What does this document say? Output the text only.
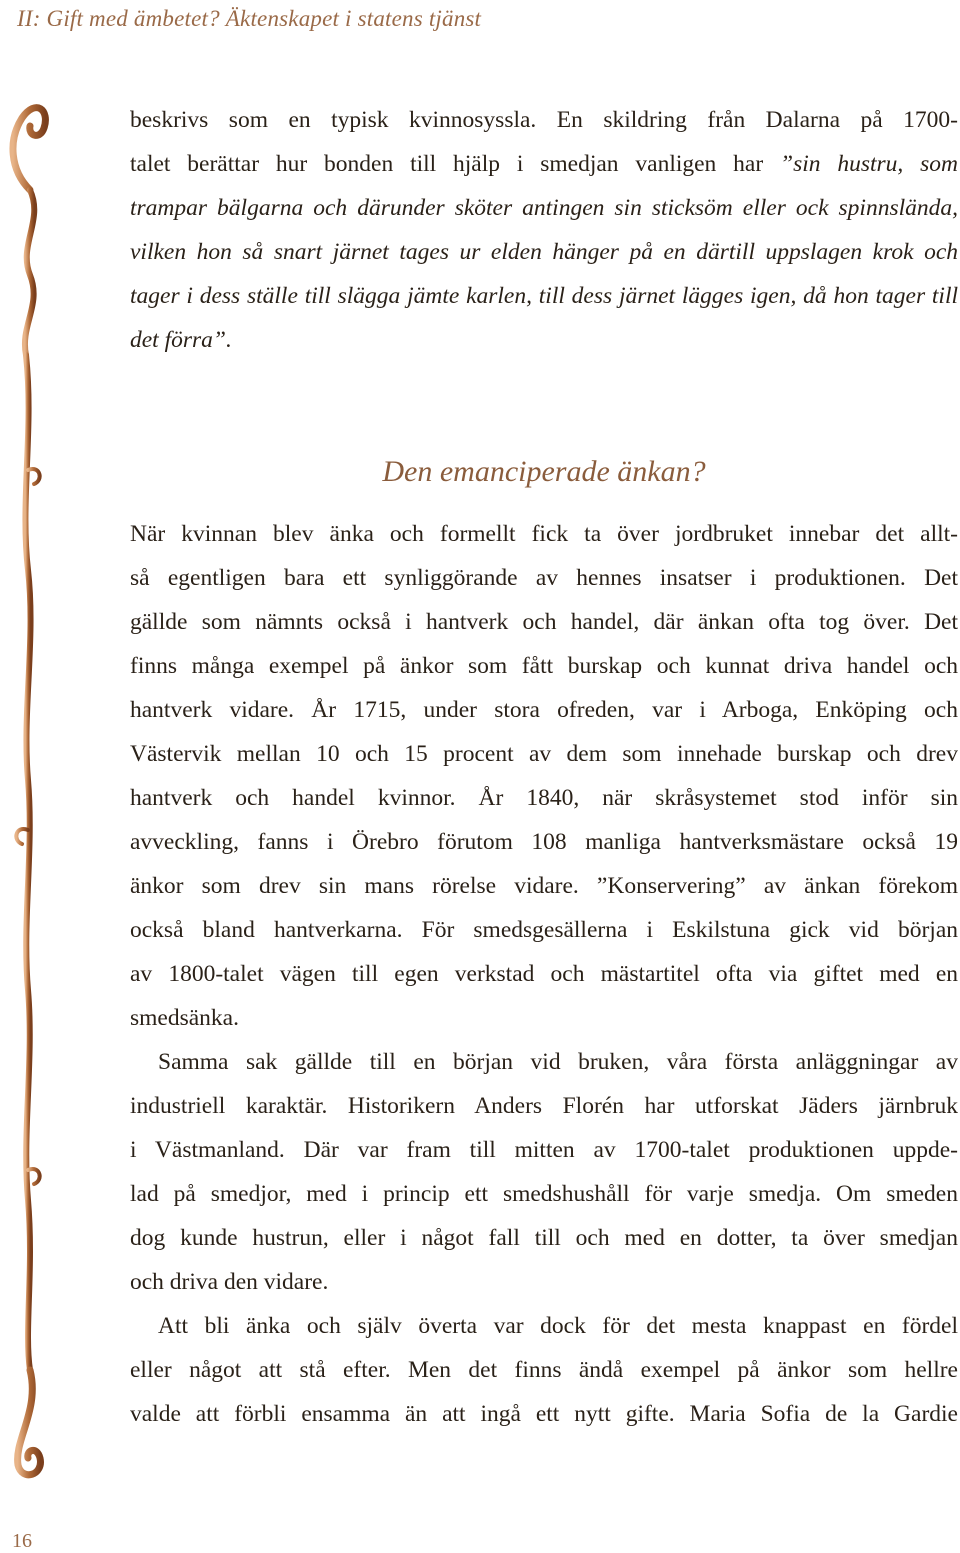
II: Gift med ämbetet? Äktenskapet i statens tjänst
beskrivs som en typisk kvinnosyssla. En skildring från Dalarna på 1700-
talet berättar hur bonden till hjälp i smedjan vanligen har ”sin hustru, som
trampar bälgarna och därunder sköter antingen sin sticksöm eller ock spinnslända,
vilken hon så snart järnet tages ur elden hänger på en därtill uppslagen krok och
tager i dess ställe till slägga jämte karlen, till dess järnet lägges igen, då hon tager till
det förra”.
Den emanciperade änkan?
När kvinnan blev änka och formellt fick ta över jordbruket innebar det allt-
så egentligen bara ett synliggörande av hennes insatser i produktionen. Det
gällde som nämnts också i hantverk och handel, där änkan ofta tog över. Det
finns många exempel på änkor som fått burskap och kunnat driva handel och
hantverk vidare. År 1715, under stora ofreden, var i Arboga, Enköping och
Västervik mellan 10 och 15 procent av dem som innehade burskap och drev
hantverk och handel kvinnor. År 1840, när skråsystemet stod inför sin
avveckling, fanns i Örebro förutom 108 manliga hantverksmästare också 19
änkor som drev sin mans rörelse vidare. ”Konservering” av änkan förekom
också bland hantverkarna. För smedsgesällerna i Eskilstuna gick vid början
av 1800-talet vägen till egen verkstad och mästartitel ofta via giftet med en
smedsänka.
Samma sak gällde till en början vid bruken, våra första anläggningar av
industriell karaktär. Historikern Anders Florén har utforskat Jäders järnbruk
i Västmanland. Där var fram till mitten av 1700-talet produktionen uppde-
lad på smedjor, med i princip ett smedshushåll för varje smedja. Om smeden
dog kunde hustrun, eller i något fall till och med en dotter, ta över smedjan
och driva den vidare.
Att bli änka och själv överta var dock för det mesta knappast en fördel
eller något att stå efter. Men det finns ändå exempel på änkor som hellre
valde att förbli ensamma än att ingå ett nytt gifte. Maria Sofia de la Gardie
16
